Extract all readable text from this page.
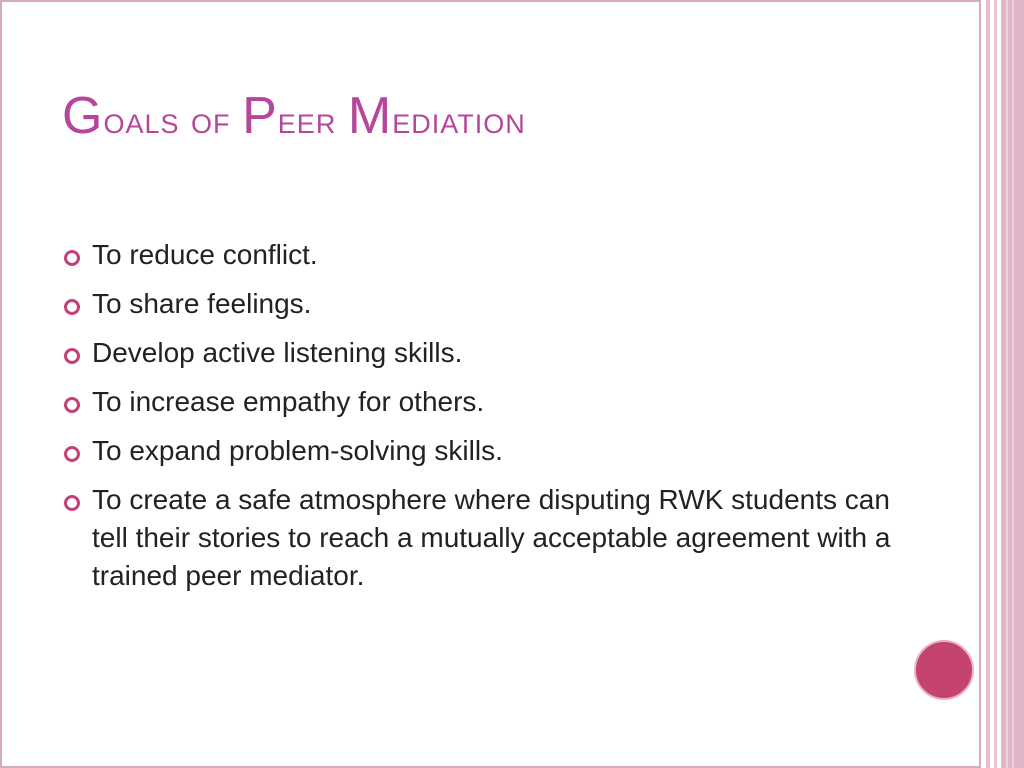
Goals of Peer Mediation
To reduce conflict.
To share feelings.
Develop active listening skills.
To increase empathy for others.
To expand problem-solving skills.
To create a safe atmosphere where disputing RWK students can tell their stories to reach a mutually acceptable agreement with a trained peer mediator.
